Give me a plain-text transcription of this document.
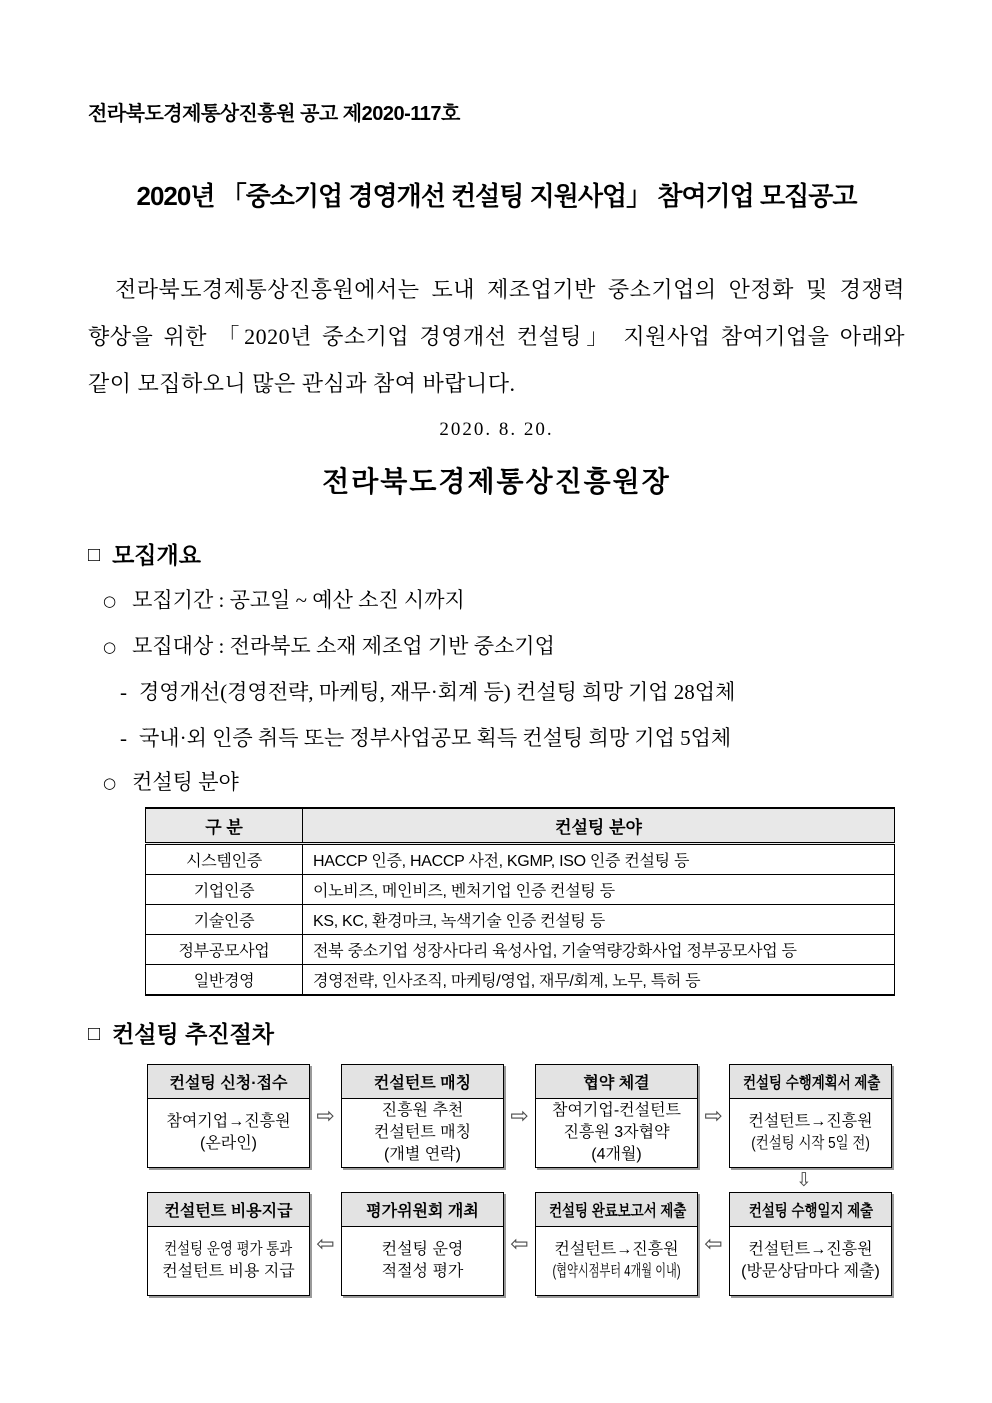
전라북도경제통상진흥원 공고 제2020-117호
2020년 「중소기업 경영개선 컨설팅 지원사업」 참여기업 모집공고

전라북도경제통상진흥원에서는 도내 제조업기반 중소기업의 안정화 및 경쟁력 향상을 위한 「2020년 중소기업 경영개선 컨설팅」 지원사업 참여기업을 아래와 같이 모집하오니 많은 관심과 참여 바랍니다.

2020. 8. 20.
전라북도경제통상진흥원장
□ 모집개요
○ 모집기간 : 공고일 ~ 예산 소진 시까지
○ 모집대상 : 전라북도 소재 제조업 기반 중소기업
- 경영개선(경영전략, 마케팅, 재무·회계 등) 컨설팅 희망 기업 28업체
- 국내·외 인증 취득 또는 정부사업공모 획득 컨설팅 희망 기업 5업체
○ 컨설팅 분야
구 분	컨설팅 분야
시스템인증	HACCP 인증, HACCP 사전, KGMP, ISO 인증 컨설팅 등
기업인증	이노비즈, 메인비즈, 벤처기업 인증 컨설팅 등
기술인증	KS, KC, 환경마크, 녹색기술 인증 컨설팅 등
정부공모사업	전북 중소기업 성장사다리 육성사업, 기술역량강화사업 정부공모사업 등
일반경영	경영전략, 인사조직, 마케팅/영업, 재무/회계, 노무, 특허 등
□ 컨설팅 추진절차
컨설팅 신청·접수
참여기업→진흥원
(온라인)
⇨
컨설턴트 매칭
진흥원 추천
컨설턴트 매칭
(개별 연락)
⇨
협약 체결
참여기업-컨설턴트
진흥원 3자협약
(4개월)
⇨
컨설팅 수행계획서 제출
컨설턴트→진흥원
(컨설팅 시작 5일 전)
⇩
컨설턴트 비용지급
컨설팅 운영 평가 통과
컨설턴트 비용 지급
⇦
평가위원회 개최
컨설팅 운영
적절성 평가
⇦
컨설팅 완료보고서 제출
컨설턴트→진흥원
(협약시점부터 4개월 이내)
⇦
컨설팅 수행일지 제출
컨설턴트→진흥원
(방문상담마다 제출)
